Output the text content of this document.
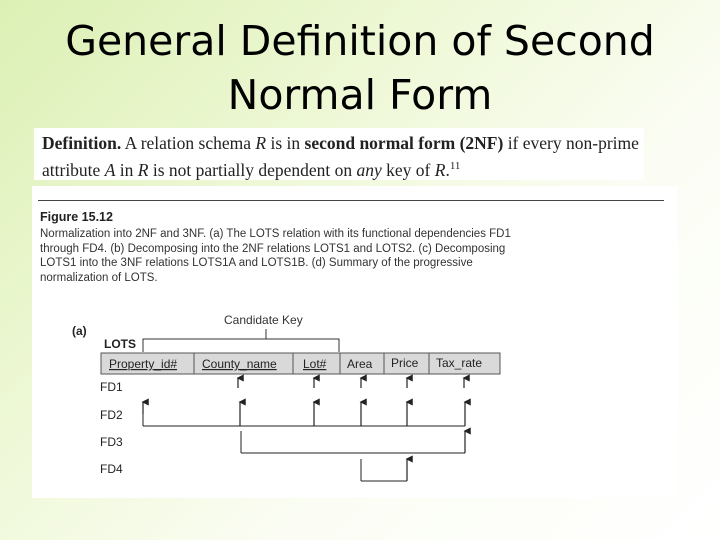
General Definition of Second Normal Form
Definition. A relation schema R is in second normal form (2NF) if every non-prime attribute A in R is not partially dependent on any key of R.$^{11}$
Figure 15.12
Normalization into 2NF and 3NF. (a) The LOTS relation with its functional dependencies FD1 through FD4. (b) Decomposing into the 2NF relations LOTS1 and LOTS2. (c) Decomposing LOTS1 into the 3NF relations LOTS1A and LOTS1B. (d) Summary of the progressive normalization of LOTS.
(a)
LOTS
Candidate Key
Property_id# County_name Lot# Area Price Tax_rate
FD1
FD2
FD3
FD4
